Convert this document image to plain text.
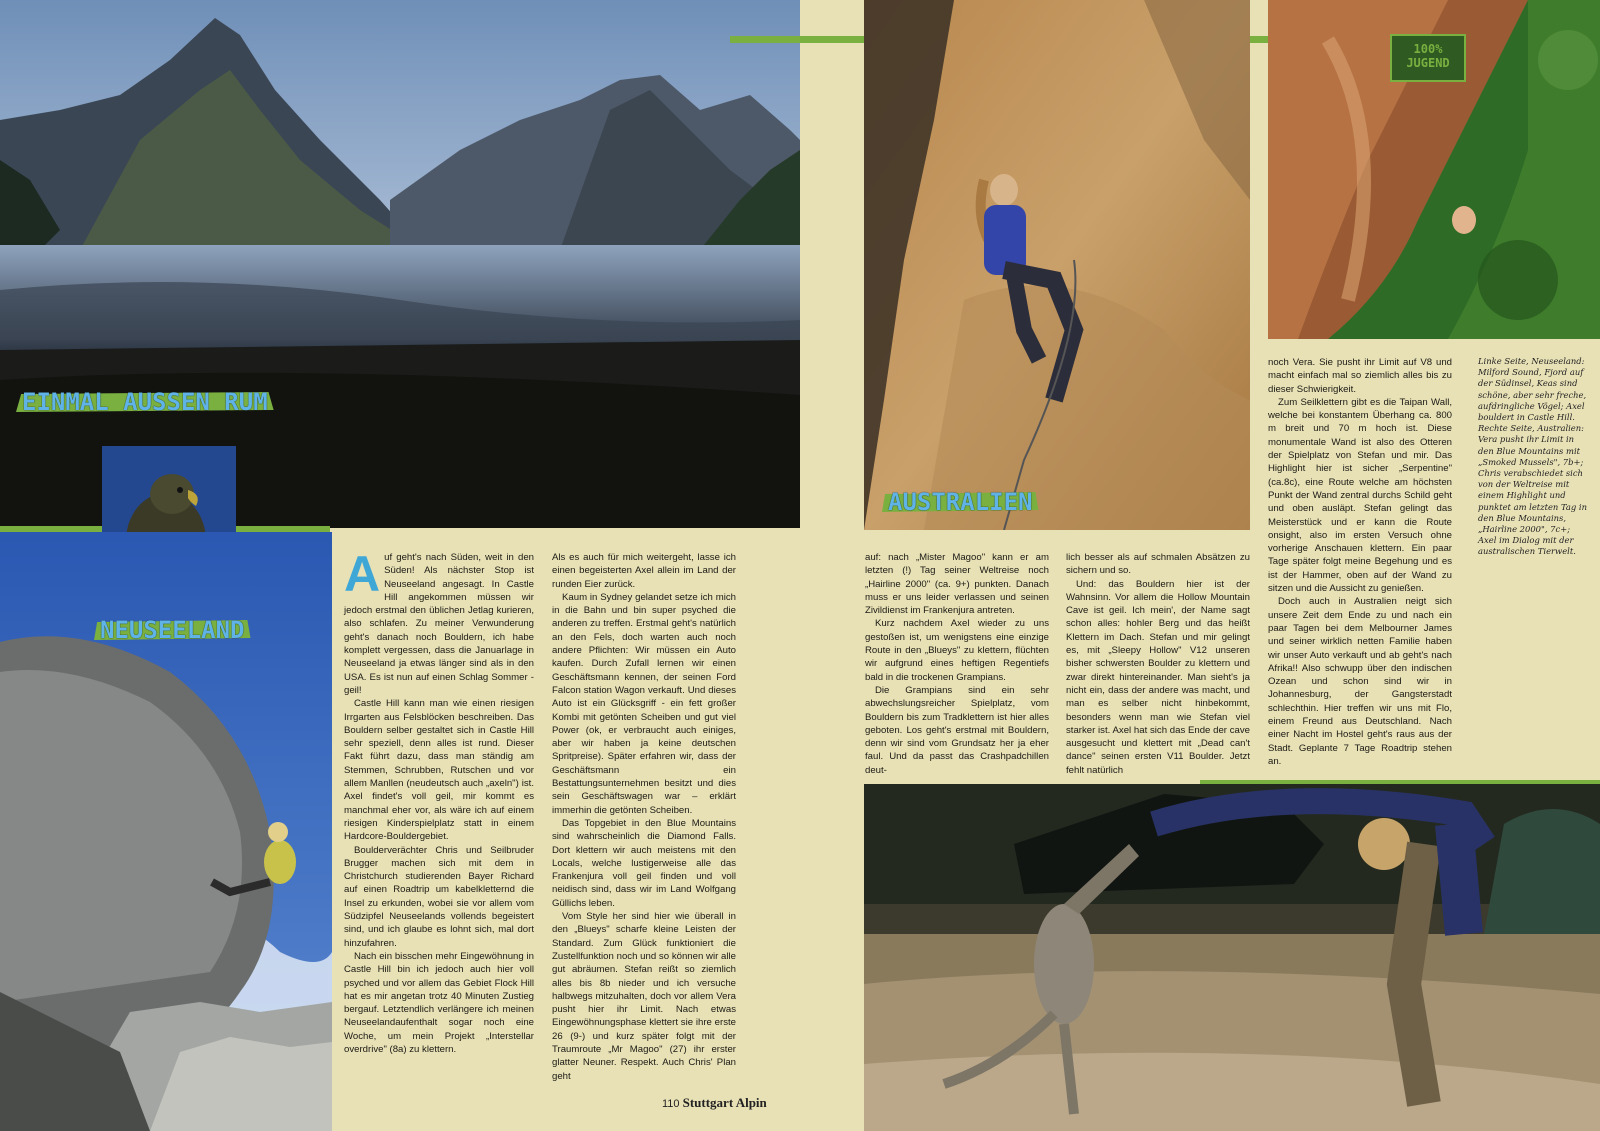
EINMAL AUSSEN RUM
NEUSEELAND

Auf geht's nach Süden, weit in den Süden! Als nächster Stop ist Neuseeland angesagt. In Castle Hill angekommen müssen wir jedoch erstmal den üblichen Jetlag kurieren, also schlafen. Zu meiner Verwunderung geht's danach noch Bouldern, ich habe komplett vergessen, dass die Januarlage in Neuseeland ja etwas länger sind als in den USA. Es ist nun auf einen Schlag Sommer -geil!

Castle Hill kann man wie einen riesigen Irrgarten aus Felsblöcken beschreiben. Das Bouldern selber gestaltet sich in Castle Hill sehr speziell, denn alles ist rund. Dieser Fakt führt dazu, dass man ständig am Stemmen, Schrubben, Rutschen und vor allem Manllen (neudeutsch auch „axeln") ist. Axel findet's voll geil, mir kommt es manchmal eher vor, als wäre ich auf einem riesigen Kinderspielplatz statt in einem Hardcore-Bouldergebiet.

Boulderverächter Chris und Seilbruder Brugger machen sich mit dem in Christchurch studierenden Bayer Richard auf einen Roadtrip um kabelkletternd die Insel zu erkunden, wobei sie vor allem vom Südzipfel Neuseelands vollends begeistert sind, und ich glaube es lohnt sich, mal dort hinzufahren.

Nach ein bisschen mehr Eingewöhnung in Castle Hill bin ich jedoch auch hier voll psyched und vor allem das Gebiet Flock Hill hat es mir angetan trotz 40 Minuten Zustieg bergauf. Letztendlich verlängere ich meinen Neuseelandaufenthalt sogar noch eine Woche, um mein Projekt „Interstellar overdrive" (8a) zu klettern.

Als es auch für mich weitergeht, lasse ich einen begeisterten Axel allein im Land der runden Eier zurück.

Kaum in Sydney gelandet setze ich mich in die Bahn und bin super psyched die anderen zu treffen. Erstmal geht's natürlich an den Fels, doch warten auch noch andere Pflichten: Wir müssen ein Auto kaufen. Durch Zufall lernen wir einen Geschäftsmann kennen, der seinen Ford Falcon station Wagon verkauft. Und dieses Auto ist ein Glücksgriff - ein fett großer Kombi mit getönten Scheiben und gut viel Power (ok, er verbraucht auch einiges, aber wir haben ja keine deutschen Spritpreise). Später erfahren wir, dass der Geschäftsmann ein Bestattungsunternehmen besitzt und dies sein Geschäftswagen war – erklärt immerhin die getönten Scheiben.

Das Topgebiet in den Blue Mountains sind wahrscheinlich die Diamond Falls. Dort klettern wir auch meistens mit den Locals, welche lustigerweise alle das Frankenjura voll geil finden und voll neidisch sind, dass wir im Land Wolfgang Güllichs leben.

Vom Style her sind hier wie überall in den „Blueys" scharfe kleine Leisten der Standard. Zum Glück funktioniert die Zustellfunktion noch und so können wir alle gut abräumen. Stefan reißt so ziemlich alles bis 8b nieder und ich versuche halbwegs mitzuhalten, doch vor allem Vera pusht hier ihr Limit. Nach etwas Eingewöhnungsphase klettert sie ihre erste 26 (9-) und kurz später folgt mit der Traumroute „Mr Magoo" (27) ihr erster glatter Neuner. Respekt. Auch Chris' Plan geht

110 Stuttgart Alpin
100%
JUGEND
AUSTRALIEN

auf: nach „Mister Magoo" kann er am letzten (!) Tag seiner Weltreise noch „Hairline 2000" (ca. 9+) punkten. Danach muss er uns leider verlassen und seinen Zivildienst im Frankenjura antreten.

Kurz nachdem Axel wieder zu uns gestoßen ist, um wenigstens eine einzige Route in den „Blueys" zu klettern, flüchten wir aufgrund eines heftigen Regentiefs bald in die trockenen Grampians.

Die Grampians sind ein sehr abwechslungsreicher Spielplatz, vom Bouldern bis zum Tradklettern ist hier alles geboten. Los geht's erstmal mit Bouldern, denn wir sind vom Grundsatz her ja eher faul. Und da passt das Crashpadchillen deut-

lich besser als auf schmalen Absätzen zu sichern und so.

Und: das Bouldern hier ist der Wahnsinn. Vor allem die Hollow Mountain Cave ist geil. Ich mein', der Name sagt schon alles: hohler Berg und das heißt Klettern im Dach. Stefan und mir gelingt es, mit „Sleepy Hollow" V12 unseren bisher schwersten Boulder zu klettern und zwar direkt hintereinander. Man sieht's ja nicht ein, dass der andere was macht, und man es selber nicht hinbekommt, besonders wenn man wie Stefan viel starker ist. Axel hat sich das Ende der cave ausgesucht und klettert mit „Dead can't dance" seinen ersten V11 Boulder. Jetzt fehlt natürlich

noch Vera. Sie pusht ihr Limit auf V8 und macht einfach mal so ziemlich alles bis zu dieser Schwierigkeit.

Zum Seilklettern gibt es die Taipan Wall, welche bei konstantem Überhang ca. 800 m breit und 70 m hoch ist. Diese monumentale Wand ist also des Otteren der Spielplatz von Stefan und mir. Das Highlight hier ist sicher „Serpentine" (ca.8c), eine Route welche am höchsten Punkt der Wand zentral durchs Schild geht und oben ausläpt. Stefan gelingt das Meisterstück und er kann die Route onsight, also im ersten Versuch ohne vorherige Anschauen klettern. Ein paar Tage später folgt meine Begehung und es ist der Hammer, oben auf der Wand zu sitzen und die Aussicht zu genießen.

Doch auch in Australien neigt sich unsere Zeit dem Ende zu und nach ein paar Tagen bei dem Melbourner James und seiner wirklich netten Familie haben wir unser Auto verkauft und ab geht's nach Afrika!! Also schwupp über den indischen Ozean und schon sind wir in Johannesburg, der Gangsterstadt schlechthin. Hier treffen wir uns mit Flo, einem Freund aus Deutschland. Nach einer Nacht im Hostel geht's raus aus der Stadt. Geplante 7 Tage Roadtrip stehen an.

Linke Seite, Neuseeland: Milford Sound, Fjord auf der Südinsel, Keas sind schöne, aber sehr freche, aufdringliche Vögel; Axel bouldert in Castle Hill. Rechte Seite, Australien: Vera pusht ihr Limit in den Blue Mountains mit „Smoked Mussels", 7b+; Chris verabschiedet sich von der Weltreise mit einem Highlight und punktet am letzten Tag in den Blue Mountains, „Hairline 2000", 7c+; Axel im Dialog mit der australischen Tierwelt.
